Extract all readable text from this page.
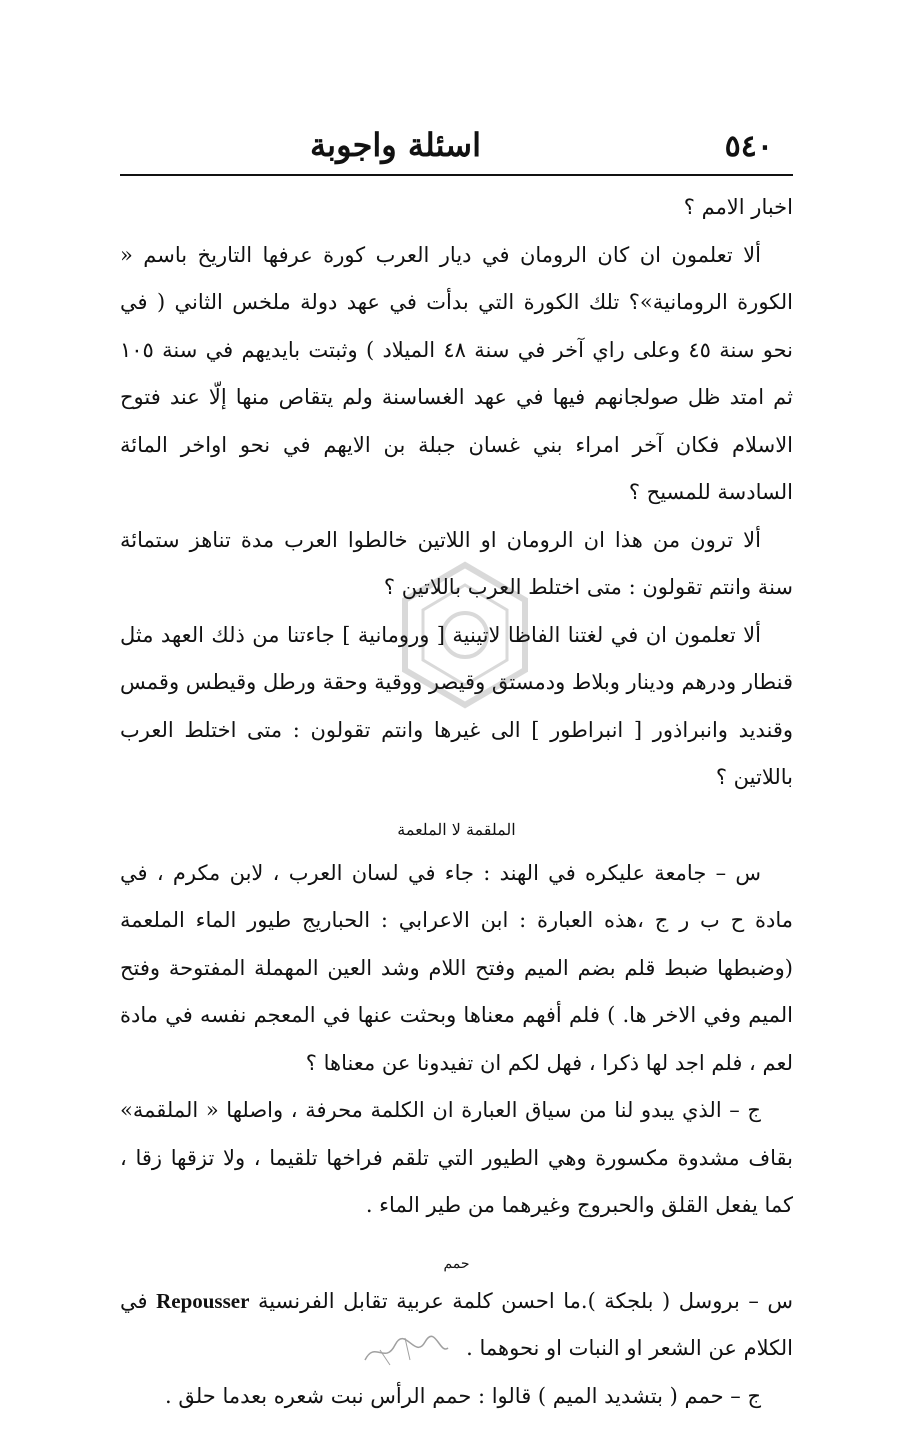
٥٤٠
اسئلة واجوبة

اخبار الامم ؟

ألا تعلمون ان كان الرومان في ديار العرب كورة عرفها التاريخ باسم « الكورة الرومانية»؟ تلك الكورة التي بدأت في عهد دولة ملخس الثاني ( في نحو سنة ٤٥ وعلى راي آخر في سنة ٤٨ الميلاد ) وثبتت بايديهم في سنة ١٠٥ ثم امتد ظل صولجانهم فيها في عهد الغساسنة ولم يتقاص منها إلّا عند فتوح الاسلام فكان آخر امراء بني غسان جبلة بن الايهم في نحو اواخر المائة السادسة للمسيح ؟

ألا ترون من هذا ان الرومان او اللاتين خالطوا العرب مدة تناهز ستمائة سنة وانتم تقولون : متى اختلط العرب باللاتين ؟

ألا تعلمون ان في لغتنا الفاظا لاتينية [ ورومانية ] جاءتنا من ذلك العهد مثل قنطار ودرهم ودينار وبلاط ودمستق وقيصر ووقية وحقة ورطل وقيطس وقمس وقنديد وانبراذور [ انبراطور ] الى غيرها وانتم تقولون : متى اختلط العرب باللاتين ؟

الملقمة لا الملعمة

س – جامعة عليكره في الهند : جاء في لسان العرب ، لابن مكرم ، في مادة ح ب ر ج ،هذه العبارة : ابن الاعرابي : الحباريج طيور الماء الملعمة (وضبطها ضبط قلم بضم الميم وفتح اللام وشد العين المهملة المفتوحة وفتح الميم وفي الاخر ها. ) فلم أفهم معناها وبحثت عنها في المعجم نفسه في مادة لعم ، فلم اجد لها ذكرا ، فهل لكم ان تفيدونا عن معناها ؟

ج – الذي يبدو لنا من سياق العبارة ان الكلمة محرفة ، واصلها « الملقمة» بقاف مشدوة مكسورة وهي الطيور التي تلقم فراخها تلقيما ، ولا تزقها زقا ، كما يفعل القلق والحبروج وغيرهما من طير الماء .

حمم

س – بروسل ( بلجكة ).ما احسن كلمة عربية تقابل الفرنسية Repousser في الكلام عن الشعر او النبات او نحوهما .

ج – حمم ( بتشديد الميم ) قالوا : حمم الرأس نبت شعره بعدما حلق .
